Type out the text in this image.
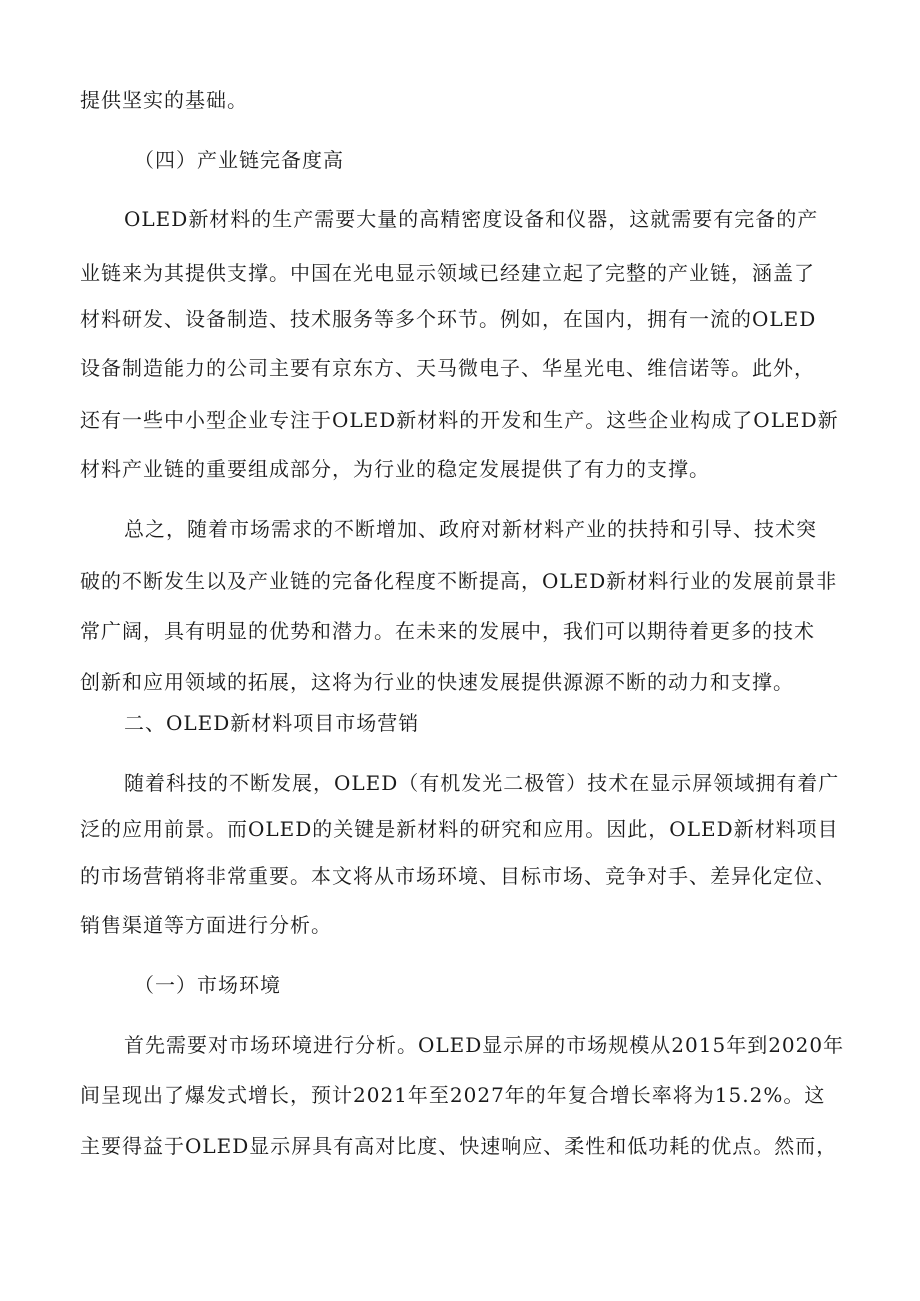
提供坚实的基础。
（四）产业链完备度高
OLED新材料的生产需要大量的高精密度设备和仪器，这就需要有完备的产
业链来为其提供支撑。中国在光电显示领域已经建立起了完整的产业链，涵盖了
材料研发、设备制造、技术服务等多个环节。例如，在国内，拥有一流的OLED
设备制造能力的公司主要有京东方、天马微电子、华星光电、维信诺等。此外，
还有一些中小型企业专注于OLED新材料的开发和生产。这些企业构成了OLED新
材料产业链的重要组成部分，为行业的稳定发展提供了有力的支撑。
总之，随着市场需求的不断增加、政府对新材料产业的扶持和引导、技术突
破的不断发生以及产业链的完备化程度不断提高，OLED新材料行业的发展前景非
常广阔，具有明显的优势和潜力。在未来的发展中，我们可以期待着更多的技术
创新和应用领域的拓展，这将为行业的快速发展提供源源不断的动力和支撑。
二、OLED新材料项目市场营销
随着科技的不断发展，OLED（有机发光二极管）技术在显示屏领域拥有着广
泛的应用前景。而OLED的关键是新材料的研究和应用。因此，OLED新材料项目
的市场营销将非常重要。本文将从市场环境、目标市场、竞争对手、差异化定位、
销售渠道等方面进行分析。
（一）市场环境
首先需要对市场环境进行分析。OLED显示屏的市场规模从2015年到2020年
间呈现出了爆发式增长，预计2021年至2027年的年复合增长率将为15.2%。这
主要得益于OLED显示屏具有高对比度、快速响应、柔性和低功耗的优点。然而，
